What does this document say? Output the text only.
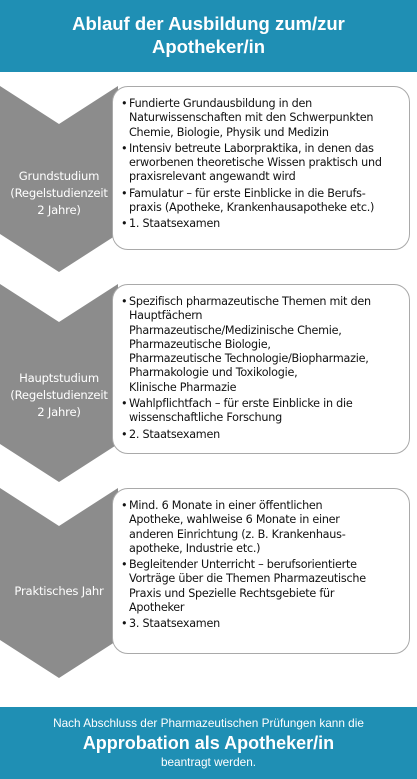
Ablauf der Ausbildung zum/zur
Apotheker/in
Grundstudium
(Regelstudienzeit
2 Jahre)
• Fundierte Grundausbildung in den
Naturwissenschaften mit den Schwerpunkten
Chemie, Biologie, Physik und Medizin
• Intensiv betreute Laborpraktika, in denen das
erworbenen theoretische Wissen praktisch und
praxisrelevant angewandt wird
• Famulatur – für erste Einblicke in die Berufs-
praxis (Apotheke, Krankenhausapotheke etc.)
• 1. Staatsexamen
Hauptstudium
(Regelstudienzeit
2 Jahre)
• Spezifisch pharmazeutische Themen mit den
Hauptfächern
Pharmazeutische/Medizinische Chemie,
Pharmazeutische Biologie,
Pharmazeutische Technologie/Biopharmazie,
Pharmakologie und Toxikologie,
Klinische Pharmazie
• Wahlpflichtfach – für erste Einblicke in die
wissenschaftliche Forschung
• 2. Staatsexamen
Praktisches Jahr
• Mind. 6 Monate in einer öffentlichen
Apotheke, wahlweise 6 Monate in einer
anderen Einrichtung (z. B. Krankenhaus-
apotheke, Industrie etc.)
• Begleitender Unterricht – berufsorientierte
Vorträge über die Themen Pharmazeutische
Praxis und Spezielle Rechtsgebiete für
Apotheker
• 3. Staatsexamen
Nach Abschluss der Pharmazeutischen Prüfungen kann die
Approbation als Apotheker/in
beantragt werden.
